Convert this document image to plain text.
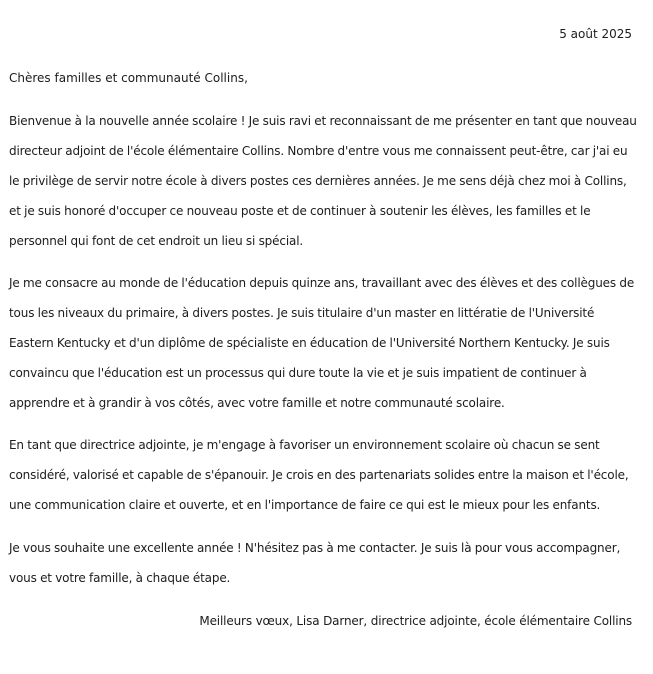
5 août 2025
Chères familles et communauté Collins,

Bienvenue à la nouvelle année scolaire ! Je suis ravi et reconnaissant de me présenter en tant que nouveau directeur adjoint de l'école élémentaire Collins. Nombre d'entre vous me connaissent peut-être, car j'ai eu le privilège de servir notre école à divers postes ces dernières années. Je me sens déjà chez moi à Collins, et je suis honoré d'occuper ce nouveau poste et de continuer à soutenir les élèves, les familles et le personnel qui font de cet endroit un lieu si spécial.

Je me consacre au monde de l'éducation depuis quinze ans, travaillant avec des élèves et des collègues de tous les niveaux du primaire, à divers postes. Je suis titulaire d'un master en littératie de l'Université Eastern Kentucky et d'un diplôme de spécialiste en éducation de l'Université Northern Kentucky. Je suis convaincu que l'éducation est un processus qui dure toute la vie et je suis impatient de continuer à apprendre et à grandir à vos côtés, avec votre famille et notre communauté scolaire.

En tant que directrice adjointe, je m'engage à favoriser un environnement scolaire où chacun se sent considéré, valorisé et capable de s'épanouir. Je crois en des partenariats solides entre la maison et l'école, une communication claire et ouverte, et en l'importance de faire ce qui est le mieux pour les enfants.

Je vous souhaite une excellente année ! N'hésitez pas à me contacter. Je suis là pour vous accompagner, vous et votre famille, à chaque étape.

Meilleurs vœux, Lisa Darner, directrice adjointe, école élémentaire Collins
